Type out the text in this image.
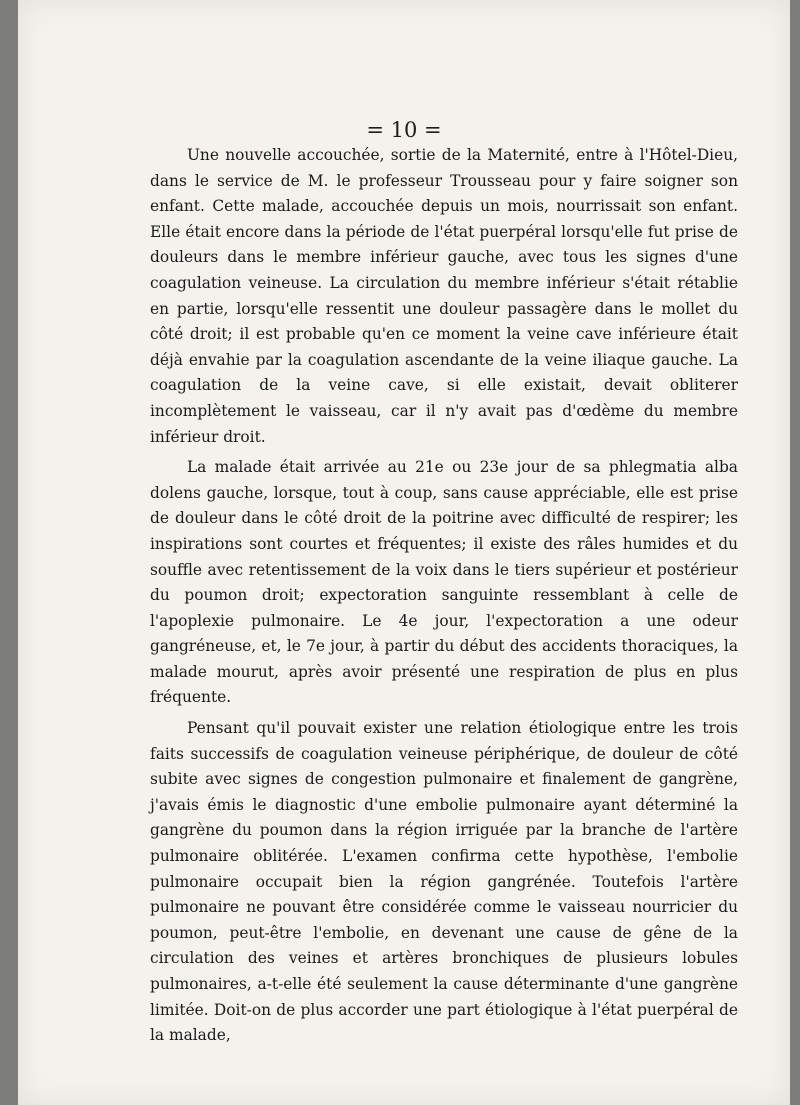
= 10 =

Une nouvelle accouchée, sortie de la Maternité, entre à l'Hôtel-Dieu, dans le service de M. le professeur Trousseau pour y faire soigner son enfant. Cette malade, accouchée depuis un mois, nourrissait son enfant. Elle était encore dans la période de l'état puerpéral lorsqu'elle fut prise de douleurs dans le membre inférieur gauche, avec tous les signes d'une coagulation veineuse. La circulation du membre inférieur s'était rétablie en partie, lorsqu'elle ressentit une douleur passagère dans le mollet du côté droit; il est probable qu'en ce moment la veine cave inférieure était déjà envahie par la coagulation ascendante de la veine iliaque gauche. La coagulation de la veine cave, si elle existait, devait obliterer incomplètement le vaisseau, car il n'y avait pas d'œdème du membre inférieur droit.

La malade était arrivée au 21e ou 23e jour de sa phlegmatia alba dolens gauche, lorsque, tout à coup, sans cause appréciable, elle est prise de douleur dans le côté droit de la poitrine avec difficulté de respirer; les inspirations sont courtes et fréquentes; il existe des râles humides et du souffle avec retentissement de la voix dans le tiers supérieur et postérieur du poumon droit; expectoration sanguinte ressemblant à celle de l'apoplexie pulmonaire. Le 4e jour, l'expectoration a une odeur gangréneuse, et, le 7e jour, à partir du début des accidents thoraciques, la malade mourut, après avoir présenté une respiration de plus en plus fréquente.

Pensant qu'il pouvait exister une relation étiologique entre les trois faits successifs de coagulation veineuse périphérique, de douleur de côté subite avec signes de congestion pulmonaire et finalement de gangrène, j'avais émis le diagnostic d'une embolie pulmonaire ayant déterminé la gangrène du poumon dans la région irriguée par la branche de l'artère pulmonaire oblitérée. L'examen confirma cette hypothèse, l'embolie pulmonaire occupait bien la région gangrénée. Toutefois l'artère pulmonaire ne pouvant être considérée comme le vaisseau nourricier du poumon, peut-être l'embolie, en devenant une cause de gêne de la circulation des veines et artères bronchiques de plusieurs lobules pulmonaires, a-t-elle été seulement la cause déterminante d'une gangrène limitée. Doit-on de plus accorder une part étiologique à l'état puerpéral de la malade,
